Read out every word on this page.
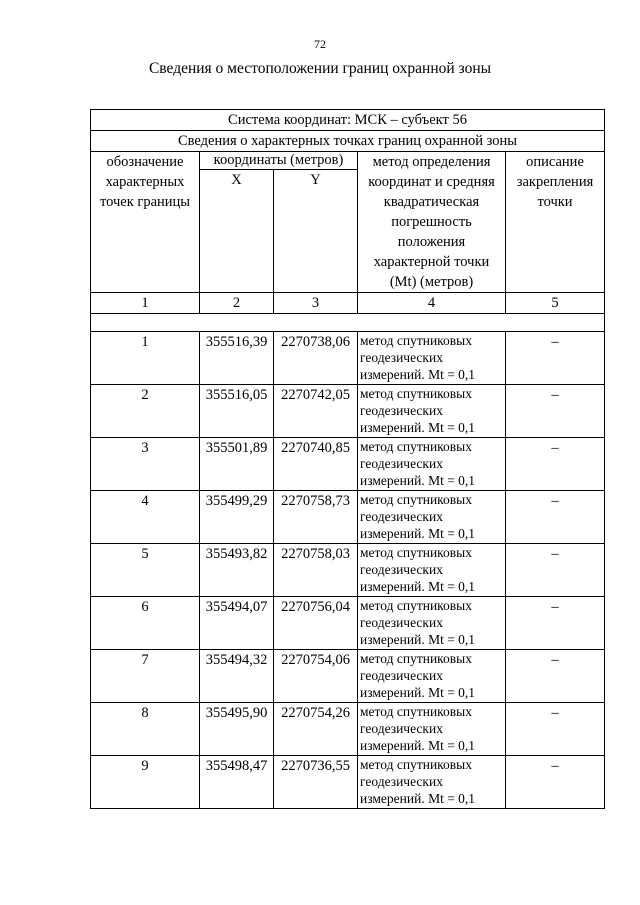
72
Сведения о местоположении границ охранной зоны
Система координат: МСК – субъект 56				
Сведения о характерных точках границ охранной зоны				
обозначение характерных точек границы	координаты (метров)		метод определения координат и средняя квадратическая погрешность положения характерной точки (Mt) (метров)	описание закрепления точки
	X	Y		
1	2	3	4	5

1	355516,39	2270738,06	метод спутниковых геодезических измерений. Mt = 0,1	–
2	355516,05	2270742,05	метод спутниковых геодезических измерений. Mt = 0,1	–
3	355501,89	2270740,85	метод спутниковых геодезических измерений. Mt = 0,1	–
4	355499,29	2270758,73	метод спутниковых геодезических измерений. Mt = 0,1	–
5	355493,82	2270758,03	метод спутниковых геодезических измерений. Mt = 0,1	–
6	355494,07	2270756,04	метод спутниковых геодезических измерений. Mt = 0,1	–
7	355494,32	2270754,06	метод спутниковых геодезических измерений. Mt = 0,1	–
8	355495,90	2270754,26	метод спутниковых геодезических измерений. Mt = 0,1	–
9	355498,47	2270736,55	метод спутниковых геодезических измерений. Mt = 0,1	–
